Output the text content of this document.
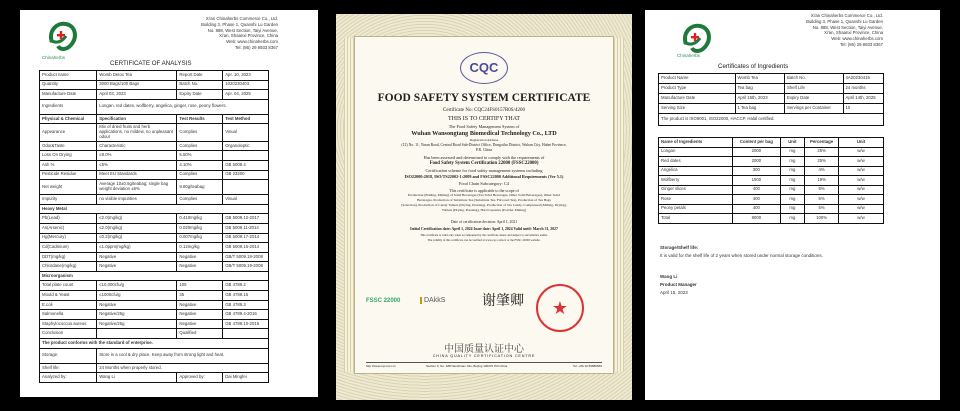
Chinaherbs
Xi'an Chinaherbs Commerce Co., Ltd.
Building 3, Phase 1, Quanshi Lu Garden
No. 888, West Section, Taiyi Avenue,
Xi'an, Shaanxi Province, China
Web: www.chinaherbs.com
Tel: (86) 29 8933 8367
CERTIFICATE OF ANALYSIS
Product name	Womb Detox Tea	Report Date	Apr. 10, 2023
Quantity	3000 Bags/100 Bags	Batch No.	1020230403
Manufacture Date	April 03, 2023	Expiry Date	Apr. 04, 2025
Ingredients	Longan, red dates, wolfberry, angelica, ginger, rose, peony flowers.		
Physical & Chemical	Specification	Test Results	Test Method
Appearance	Mix of dried fruits and herb applications, no mildew, no unpleasant odour	Complies	Visual
Odor&Taste	Characteristic	Complies	Organoleptic
Loss On Drying	≤8.0%	5.50%	
Ash %	≤5%	4.10%	GB 5009.4
Pesticide Residue	Meet EU Standards	Complies	GB 23200
Net weight	Average 10±0.5g/teabag; single bag weight deviation ±5%	9.80g/teabag	
Impurity	no visible impurities	Complies	Visual
Heavy Metal			
Pb(Lead)	≤2.0(mg/kg)	0.410mg/kg	GB 5009.12-2017
As(Arsenic)	≤2.0(mg/kg)	0.020mg/kg	GB 5009.11-2014
Hg(Mercury)	≤0.2(mg/kg)	0.007mg/kg	GB 5009.17-2014
Cd(Cadmium)	≤1.0ppm(mg/kg)	0.12mg/kg	GB 5009.15-2014
DDT(mg/kg)	Negative	Negative	GB/T 5009.19-2008
Chlordane(mg/kg)	Negative	Negative	GB/T 5009.19-2008
Microorganism			
Total plate count	≤10,000cfu/g	105	GB 4789.2
Mould & Yeast	≤1000cfu/g	35	GB 4789.15
E.coli	Negative	Negative	GB 4789.3
Salmonella	Negative/25g	Negative	GB 4789.4-2016
Staphylococcus aureus	Negative/25g	Negative	GB 4789.10-2016
Conclusion		Qualified	
The product conforms with the standard of enterprise.			
Storage:	Store in a cool & dry place. Keep away from strong light and heat.		
Shelf life:	24 Months when properly stored.		
Analyzed by:	Wang Li	Approved by:	Dai Mingfei
CQC
FOOD SAFETY SYSTEM CERTIFICATE
Certificate No: CQC24FS0157R0S/4200
THIS IS TO CERTIFY THAT
The Food Safety Management System of
Wuhan Wansongtang Biomedical Technology Co., LTD
Registration Address
(12) No. 11, Yinan Road, Central Road Sub-District Office, Dongxihu District, Wuhan City, Hubei Province,
P.R. China
Has been assessed and determined to comply with the requirements of
Food Safety System Certification 22000 (FSSC22000)
Certification scheme for food safety management systems including
ISO22000:2018, ISO/TS22002-1:2009 and FSSC22000 Additional Requirements (Ver 5.1)
Food Chain Subcategory: C4
This certificate is applicable to the scope of
Production (Boiling, Mixing) of Solid Beverages (Tea Solid Beverages, Other Solid Beverages), Other Solid
Beverages, Production of Substitute Tea (Substitute Tea, Flavored Tea), Production of Tea Bags
(Selection), Production of Candy Tablets (Drying, Pressing), Production of Tea Candy, Compressed (Mixing, Drying),
Tablets (Drying, Pressing), Hard Capsules (Powder Mixing)
Date of certification decision: April 1, 2021
Initial Certification date: April 1, 2024 Issue date: April 1, 2024 Valid until: March 31, 2027
This certificate is valid only when accompanied by the certificate annex and subject to surveillance audits.
The validity of this certificate can be verified at www.cqc.com.cn or the FSSC 22000 website.
FSSC 22000	DAkkS	谢肇卿	★
中国质量认证中心
CHINA QUALITY CERTIFICATION CENTRE
http://www.cqc.com.cn	Section 9, No. 188 Nansihuan Xilu, Beijing 100070 P.R.China	Tel: +86 10 83886666
Chinaherbs
Xi'an Chinaherbs Commerce Co., Ltd.
Building 3, Phase 1, Quanshi Lu Garden
No. 888, West Section, Taiyi Avenue,
Xi'an, Shaanxi Province, China
Web: www.chinaherbs.com
Tel: (86) 29 8933 8367
Certificates of Ingredients
Product Name	Womb Tea	Batch No.	4A20230415
Product Type	Tea bag	Shelf Life	24 months
Manufacture Date	April 15th, 2023	Expiry Date	April 14th, 2025
Serving Size	1 Tea bag	Servings per Container	10
The product is ISO9001, ISO22000, HACCP, Halal certified.			
Name of Ingredients	Content per bag	Unit	Percentage	Unit
Longan	2000	mg	25%	w/w
Red dates	2000	mg	25%	w/w
Angelica	300	mg	4%	w/w
Wolfberry	1500	mg	19%	w/w
Ginger slices	400	mg	5%	w/w
Rose	400	mg	5%	w/w
Peony petals	400	mg	5%	w/w
Total	8000	mg	100%	w/w
Storage/Shelf life:
It is valid for the shelf life of 2 years when stored under normal storage conditions.
Wang Li
Product Manager
April 15, 2023
